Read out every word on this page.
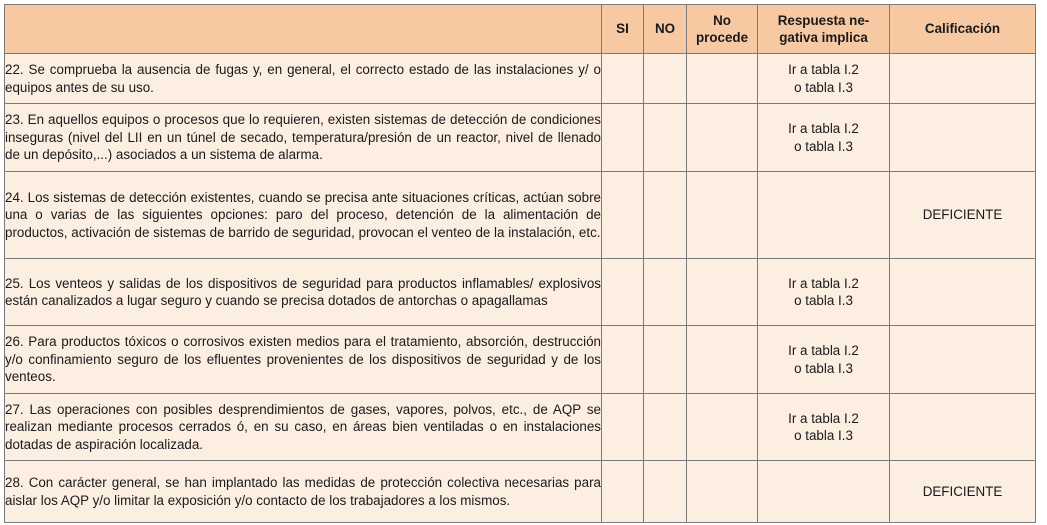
	SI	NO	No procede	Respuesta ne-gativa implica	Calificación
22. Se comprueba la ausencia de fugas y, en general, el correcto estado de las instalaciones y/ o equipos antes de su uso.				Ir a tabla I.2
o tabla I.3	

23. En aquellos equipos o procesos que lo requieren, existen sistemas de detección de condiciones inseguras (nivel del LII en un túnel de secado, temperatura/presión de un reactor, nivel de llenado de un depósito,...) asociados a un sistema de alarma.				Ir a tabla I.2
o tabla I.3	

24. Los sistemas de detección existentes, cuando se precisa ante situaciones críticas, actúan sobre una o varias de las siguientes opciones: paro del proceso, detención de la alimentación de productos, activación de sistemas de barrido de seguridad, provocan el venteo de la instalación, etc.					DEFICIENTE
25. Los venteos y salidas de los dispositivos de seguridad para productos inflamables/ explosivos están canalizados a lugar seguro y cuando se precisa dotados de antorchas o apagallamas				Ir a tabla I.2
o tabla I.3	

26. Para productos tóxicos o corrosivos existen medios para el tratamiento, absorción, destrucción y/o confinamiento seguro de los efluentes provenientes de los dispositivos de seguridad y de los venteos.				Ir a tabla I.2
o tabla I.3	

27. Las operaciones con posibles desprendimientos de gases, vapores, polvos, etc., de AQP se realizan mediante procesos cerrados ó, en su caso, en áreas bien ventiladas o en instalaciones dotadas de aspiración localizada.				Ir a tabla I.2
o tabla I.3	

28. Con carácter general, se han implantado las medidas de protección colectiva necesarias para aislar los AQP y/o limitar la exposición y/o contacto de los trabajadores a los mismos.					DEFICIENTE
